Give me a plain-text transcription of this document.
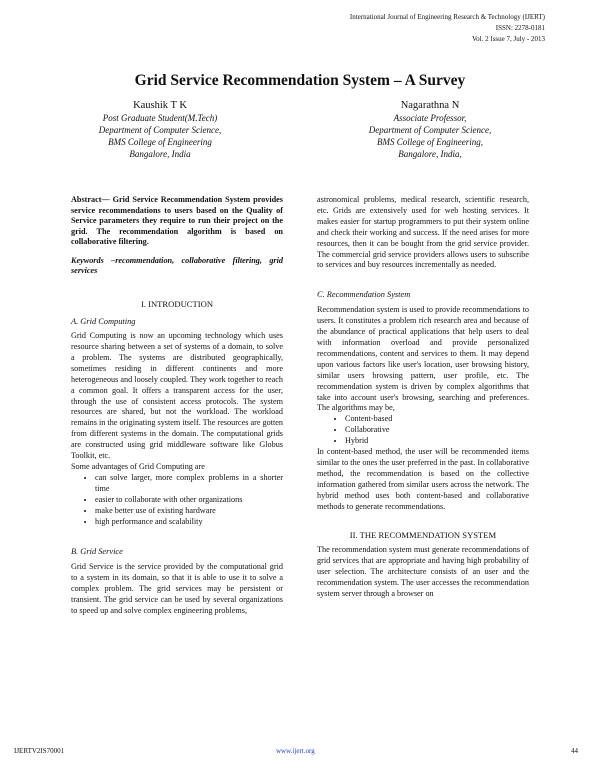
International Journal of Engineering Research & Technology (IJERT)
ISSN: 2278-0181
Vol. 2 Issue 7, July - 2013
Grid Service Recommendation System – A Survey
Kaushik T K
Post Graduate Student(M.Tech)
Department of Computer Science,
BMS College of Engineering
Bangalore, India
Nagarathna N
Associate Professor,
Department of Computer Science,
BMS College of Engineering,
Bangalore, India,

Abstract— Grid Service Recommendation System provides service recommendations to users based on the Quality of Service parameters they require to run their project on the grid. The recommendation algorithm is based on collaborative filtering.

Keywords –recommendation, collaborative filtering, grid services

I. INTRODUCTION

A. Grid Computing

Grid Computing is now an upcoming technology which uses resource sharing between a set of systems of a domain, to solve a problem. The systems are distributed geographically, sometimes residing in different continents and more heterogeneous and loosely coupled. They work together to reach a common goal. It offers a transparent access for the user, through the use of consistent access protocols. The system resources are shared, but not the workload. The workload remains in the originating system itself. The resources are gotten from different systems in the domain. The computational grids are constructed using grid middleware software like Globus Toolkit, etc.

Some advantages of Grid Computing are

• can solve larger, more complex problems in a shorter time
• easier to collaborate with other organizations
• make better use of existing hardware
• high performance and scalability

B. Grid Service

Grid Service is the service provided by the computational grid to a system in its domain, so that it is able to use it to solve a complex problem. The grid services may be persistent or transient. The grid service can be used by several organizations to speed up and solve complex engineering problems,

astronomical problems, medical research, scientific research, etc. Grids are extensively used for web hosting services. It makes easier for startup programmers to put their system online and check their working and success. If the need arises for more resources, then it can be bought from the grid service provider. The commercial grid service providers allows users to subscribe to services and buy resources incrementally as needed.

C. Recommendation System

Recommendation system is used to provide recommendations to users. It constitutes a problem rich research area and because of the abundance of practical applications that help users to deal with information overload and provide personalized recommendations, content and services to them. It may depend upon various factors like user's location, user browsing history, similar users browsing pattern, user profile, etc. The recommendation system is driven by complex algorithms that take into account user's browsing, searching and preferences. The algorithms may be,

• Content-based
• Collaborative
• Hybrid

In content-based method, the user will be recommended items similar to the ones the user preferred in the past. In collaborative method, the recommendation is based on the collective information gathered from similar users across the network. The hybrid method uses both content-based and collaborative methods to generate recommendations.

II. THE RECOMMENDATION SYSTEM

The recommendation system must generate recommendations of grid services that are appropriate and having high probability of user selection. The architecture consists of an user and the recommendation system. The user accesses the recommendation system server through a browser on

IJERTV2IS70001	www.ijert.org	44
